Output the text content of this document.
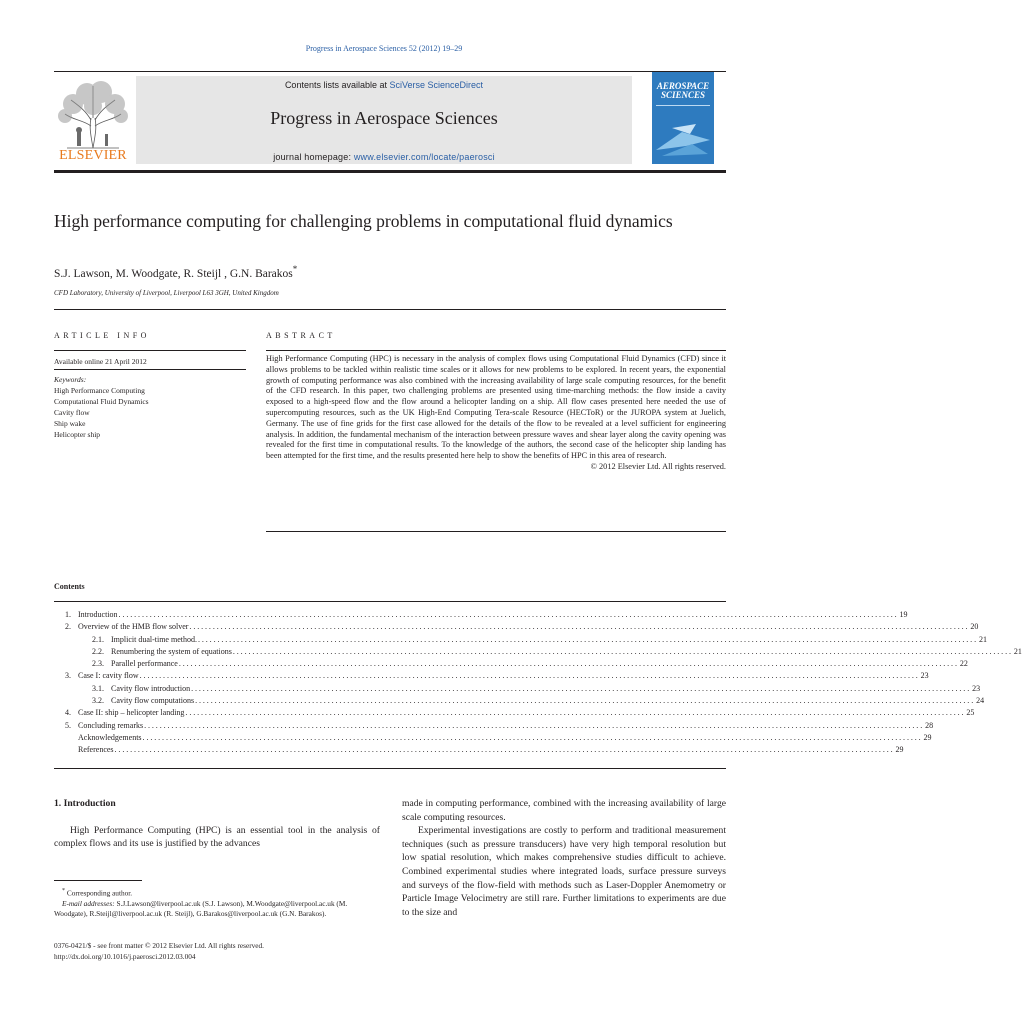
Progress in Aerospace Sciences 52 (2012) 19–29
ELSEVIER
Contents lists available at SciVerse ScienceDirect
Progress in Aerospace Sciences
journal homepage: www.elsevier.com/locate/paerosci
AEROSPACE
SCIENCES
High performance computing for challenging problems in computational fluid dynamics
S.J. Lawson, M. Woodgate, R. Steijl , G.N. Barakos*
CFD Laboratory, University of Liverpool, Liverpool L63 3GH, United Kingdom
ARTICLE INFO
Available online 21 April 2012
Keywords:
High Performance Computing
Computational Fluid Dynamics
Cavity flow
Ship wake
Helicopter ship
ABSTRACT
High Performance Computing (HPC) is necessary in the analysis of complex flows using Computational Fluid Dynamics (CFD) since it allows problems to be tackled within realistic time scales or it allows for new problems to be explored. In recent years, the exponential growth of computing performance was also combined with the increasing availability of large scale computing resources, for the benefit of the CFD research. In this paper, two challenging problems are presented using time-marching methods: the flow inside a cavity exposed to a high-speed flow and the flow around a helicopter landing on a ship. All flow cases presented here needed the use of supercomputing resources, such as the UK High-End Computing Tera-scale Resource (HECToR) or the JUROPA system at Juelich, Germany. The use of fine grids for the first case allowed for the details of the flow to be revealed at a level sufficient for engineering analysis. In addition, the fundamental mechanism of the interaction between pressure waves and shear layer along the cavity opening was revealed for the first time in computational results. To the knowledge of the authors, the second case of the helicopter ship landing has been attempted for the first time, and the results presented here help to show the benefits of HPC in this area of research.
© 2012 Elsevier Ltd. All rights reserved.
Contents
1. Introduction ........................................................................................................................................................................................................ 19
2. Overview of the HMB flow solver ........................................................................................................................................................................................................ 20
2.1. Implicit dual-time method. ........................................................................................................................................................................................................ 21
2.2. Renumbering the system of equations ........................................................................................................................................................................................................ 21
2.3. Parallel performance ........................................................................................................................................................................................................ 22
3. Case I: cavity flow ........................................................................................................................................................................................................ 23
3.1. Cavity flow introduction ........................................................................................................................................................................................................ 23
3.2. Cavity flow computations ........................................................................................................................................................................................................ 24
4. Case II: ship – helicopter landing ........................................................................................................................................................................................................ 25
5. Concluding remarks ........................................................................................................................................................................................................ 28
Acknowledgements ........................................................................................................................................................................................................ 29
References ........................................................................................................................................................................................................ 29
1. Introduction

High Performance Computing (HPC) is an essential tool in the analysis of complex flows and its use is justified by the advances

made in computing performance, combined with the increasing availability of large scale computing resources.

Experimental investigations are costly to perform and traditional measurement techniques (such as pressure transducers) have very high temporal resolution but low spatial resolution, which makes comprehensive studies difficult to achieve. Combined experimental studies where integrated loads, surface pressure surveys and surveys of the flow-field with methods such as Laser-Doppler Anemometry or Particle Image Velocimetry are still rare. Further limitations to experiments are due to the size and

* Corresponding author.
E-mail addresses: S.J.Lawson@liverpool.ac.uk (S.J. Lawson), M.Woodgate@liverpool.ac.uk (M. Woodgate), R.Steijl@liverpool.ac.uk (R. Steijl), G.Barakos@liverpool.ac.uk (G.N. Barakos).
0376-0421/$ - see front matter © 2012 Elsevier Ltd. All rights reserved.
http://dx.doi.org/10.1016/j.paerosci.2012.03.004
